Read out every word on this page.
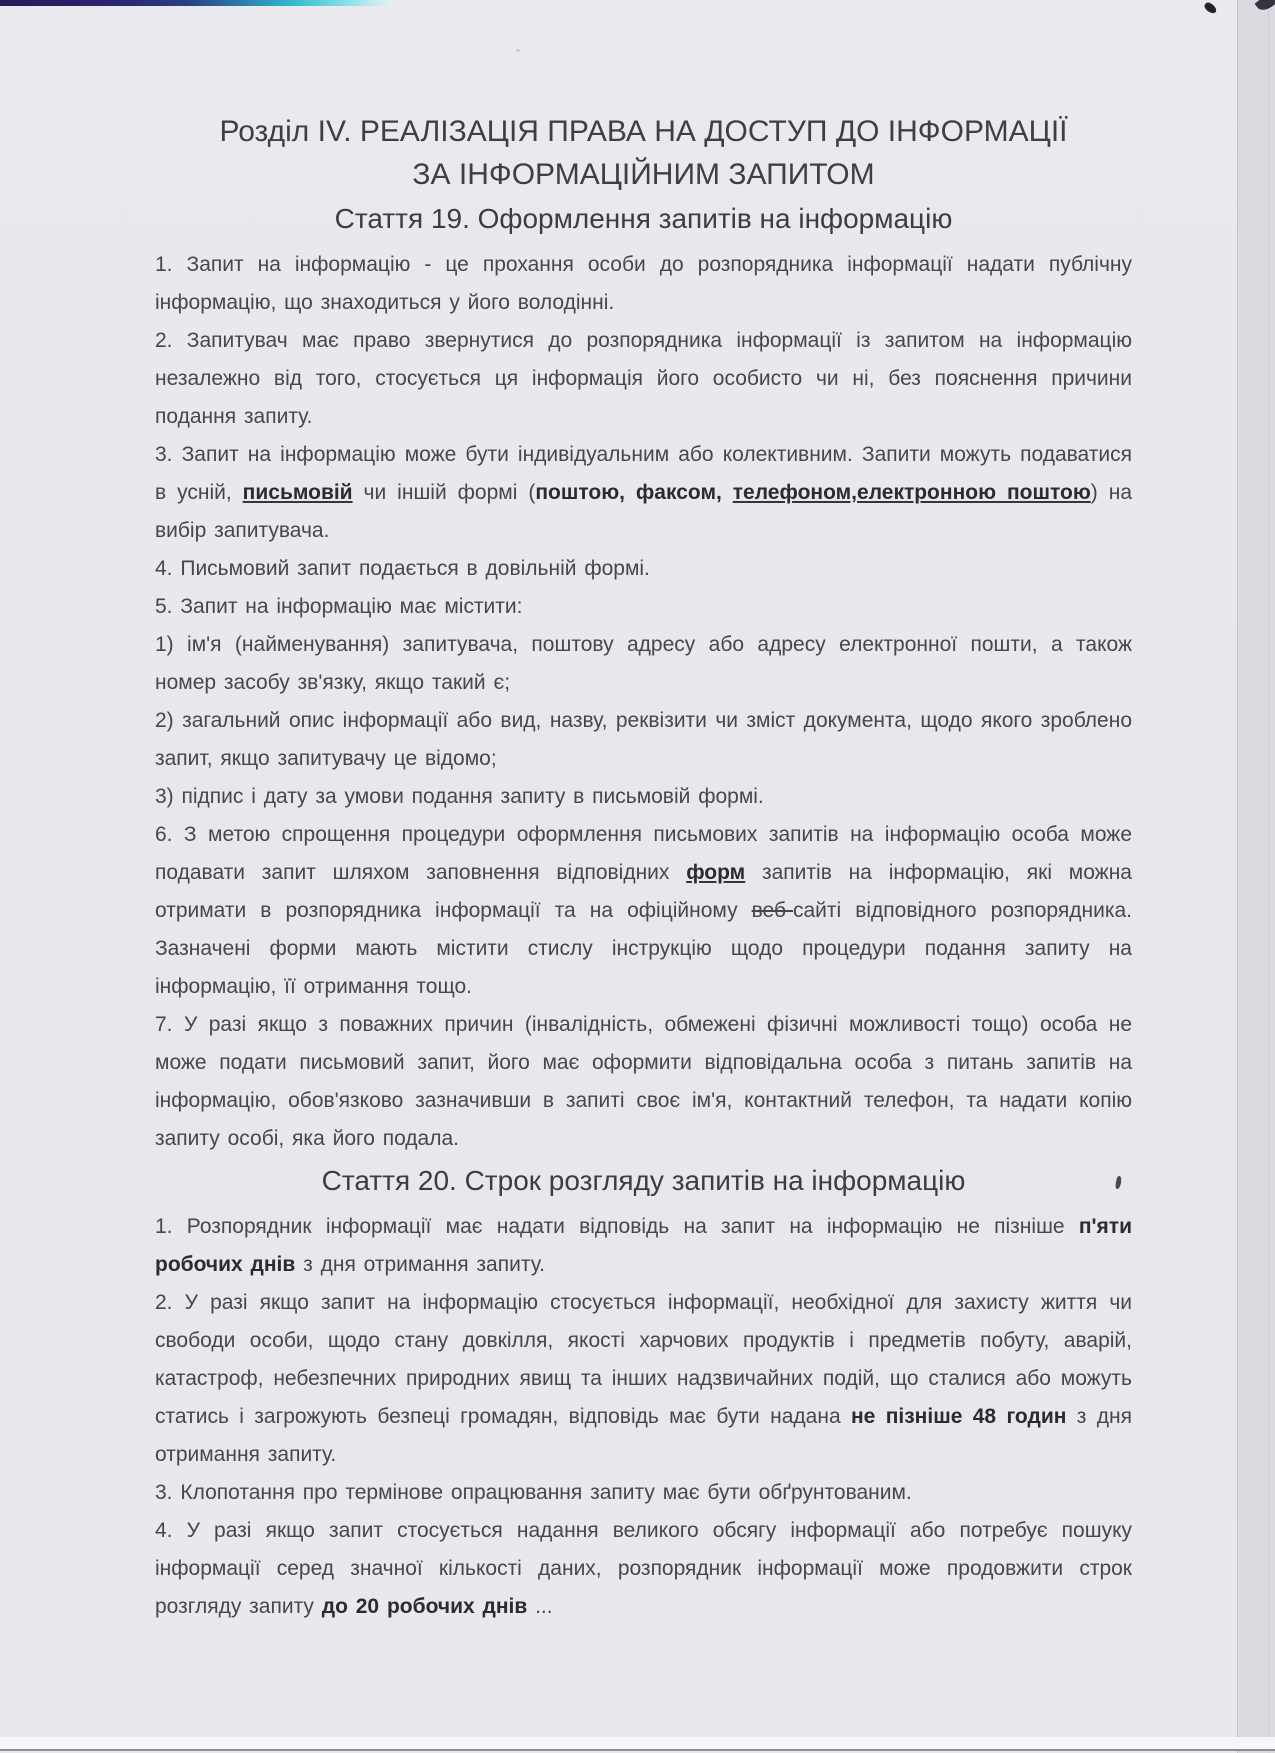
Розділ IV. РЕАЛІЗАЦІЯ ПРАВА НА ДОСТУП ДО ІНФОРМАЦІЇ
ЗА ІНФОРМАЦІЙНИМ ЗАПИТОМ
Стаття 19. Оформлення запитів на інформацію
1. Запит на інформацію - це прохання особи до розпорядника інформації надати публічну інформацію, що знаходиться у його володінні.
2. Запитувач має право звернутися до розпорядника інформації із запитом на інформацію незалежно від того, стосується ця інформація його особисто чи ні, без пояснення причини подання запиту.
3. Запит на інформацію може бути індивідуальним або колективним. Запити можуть подаватися в усній, письмовій чи іншій формі (поштою, факсом, телефоном,електронною поштою) на вибір запитувача.
4. Письмовий запит подається в довільній формі.
5. Запит на інформацію має містити:
1) ім'я (найменування) запитувача, поштову адресу або адресу електронної пошти, а також номер засобу зв'язку, якщо такий є;
2) загальний опис інформації або вид, назву, реквізити чи зміст документа, щодо якого зроблено запит, якщо запитувачу це відомо;
3) підпис і дату за умови подання запиту в письмовій формі.
6. З метою спрощення процедури оформлення письмових запитів на інформацію особа може подавати запит шляхом заповнення відповідних форм запитів на інформацію, які можна отримати в розпорядника інформації та на офіційному веб-сайті відповідного розпорядника. Зазначені форми мають містити стислу інструкцію щодо процедури подання запиту на інформацію, її отримання тощо.
7. У разі якщо з поважних причин (інвалідність, обмежені фізичні можливості тощо) особа не може подати письмовий запит, його має оформити відповідальна особа з питань запитів на інформацію, обов'язково зазначивши в запиті своє ім'я, контактний телефон, та надати копію запиту особі, яка його подала.
Стаття 20. Строк розгляду запитів на інформацію
1. Розпорядник інформації має надати відповідь на запит на інформацію не пізніше п'яти робочих днів з дня отримання запиту.
2. У разі якщо запит на інформацію стосується інформації, необхідної для захисту життя чи свободи особи, щодо стану довкілля, якості харчових продуктів і предметів побуту, аварій, катастроф, небезпечних природних явищ та інших надзвичайних подій, що сталися або можуть статись і загрожують безпеці громадян, відповідь має бути надана не пізніше 48 годин з дня отримання запиту.
3. Клопотання про термінове опрацювання запиту має бути обґрунтованим.
4. У разі якщо запит стосується надання великого обсягу інформації або потребує пошуку інформації серед значної кількості даних, розпорядник інформації може продовжити строк розгляду запиту до 20 робочих днів ...
